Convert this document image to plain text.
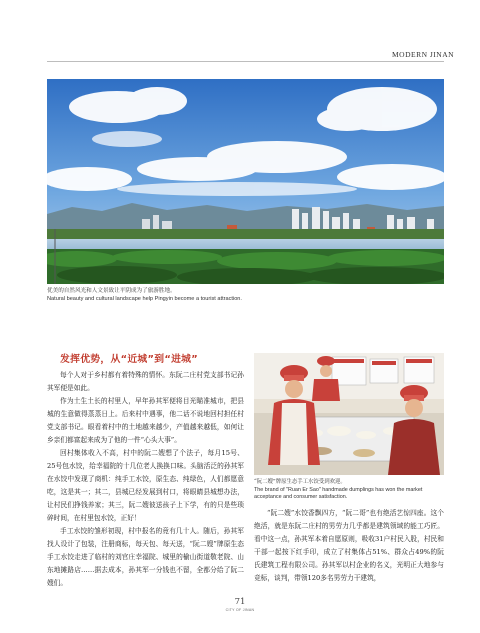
MODERN JINAN
优美的自然风光和人文景致让平阴成为了旅游胜地。
Natural beauty and cultural landscape help Pingyin become a tourist attraction.
发挥优势，从“近城”到“进城”

每个人对于乡村都有着特殊的情怀。东阮二庄村党支部书记孙其军便是如此。

作为土生土长的村里人，早年孙其军便将目光瞄准城市，把县城的生意做得蒸蒸日上。后来村中遇事，他二话不说地回村担任村党支部书记。眼看着村中的土地越来越少，产值越来越低，如何让乡亲们都富起来成为了他的一件“心头大事”。

回村集体收入不高，村中的阮二嫂想了个法子，每月15号、25号包水饺，给幸福院的十几位老人换换口味。头脑活泛的孙其军在水饺中发现了商机：纯手工水饺，原生态、纯绿色，人们都愿意吃，这是其一；其二，县城已经发展到村口，将眼睛县城想办法，让村民们挣钱养家；其三，阮二嫂彼送孩子上下学，有的只是些琐碎时间，在村里包水饺，正好！

手工水饺的雏形初现，村中报名的竟有几十人。随后，孙其军找人设计了包装，注册商标，每天包、每天送，“阮二嫂”牌原生态手工水饺走进了临村的刘官庄幸福院、城里的榆山街道敬老院、山东地摊路店……据去成本，孙其军一分钱也不留，全都分给了阮二嫂们。

“阮二嫂”牌原生态手工水饺受到欢迎。
The brand of "Ruan Er Sao" handmade dumplings has won the market acceptance and consumer satisfaction.

“阮二嫂”水饺香飘四方，“阮二哥”也有绝活艺惊四座。这个绝活，就是东阮二庄村的男劳力几乎都是建筑领域的能工巧匠。看中这一点，孙其军本着自愿原则，吸收31户村民入股，村民和干部一起按下红手印，成立了村集体占51%、群众占49%的阮氏建筑工程有限公司。孙其军以村企业的名义，光明正大地参与竞标，谈判，带领120多名男劳力干建筑，

71
CITY OF JINAN
